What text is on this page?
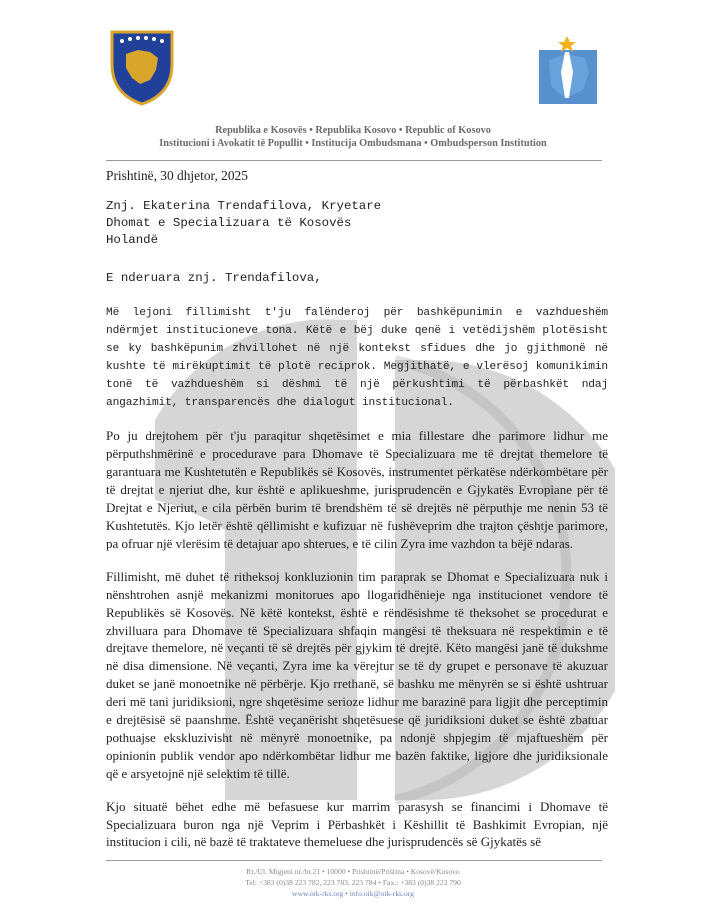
Republika e Kosovës • Republika Kosovo • Republic of Kosovo
Institucioni i Avokatit të Popullit • Institucija Ombudsmana • Ombudsperson Institution
Prishtinë, 30 dhjetor, 2025
Znj. Ekaterina Trendafilova, Kryetare
Dhomat e Specializuara të Kosovës
Holandë
E nderuara znj. Trendafilova,

Më lejoni fillimisht t'ju falënderoj për bashkëpunimin e vazhdueshëm ndërmjet institucioneve tona. Këtë e bëj duke qenë i vetëdijshëm plotësisht se ky bashkëpunim zhvillohet në një kontekst sfidues dhe jo gjithmonë në kushte të mirëkuptimit të plotë reciprok. Megjithatë, e vlerësoj komunikimin tonë të vazhdueshëm si dëshmi të një përkushtimi të përbashkët ndaj angazhimit, transparencës dhe dialogut institucional.

Po ju drejtohem për t'ju paraqitur shqetësimet e mia fillestare dhe parimore lidhur me përputhshmërinë e procedurave para Dhomave të Specializuara me të drejtat themelore të garantuara me Kushtetutën e Republikës së Kosovës, instrumentet përkatëse ndërkombëtare për të drejtat e njeriut dhe, kur është e aplikueshme, jurisprudencën e Gjykatës Evropiane për të Drejtat e Njeriut, e cila përbën burim të brendshëm të së drejtës në përputhje me nenin 53 të Kushtetutës. Kjo letër është qëllimisht e kufizuar në fushëveprim dhe trajton çështje parimore, pa ofruar një vlerësim të detajuar apo shterues, e të cilin Zyra ime vazhdon ta bëjë ndaras.

Fillimisht, më duhet të ritheksoj konkluzionin tim paraprak se Dhomat e Specializuara nuk i nënshtrohen asnjë mekanizmi monitorues apo llogaridhënieje nga institucionet vendore të Republikës së Kosovës. Në këtë kontekst, është e rëndësishme të theksohet se procedurat e zhvilluara para Dhomave të Specializuara shfaqin mangësi të theksuara në respektimin e të drejtave themelore, në veçanti të së drejtës për gjykim të drejtë. Këto mangësi janë të dukshme në disa dimensione. Në veçanti, Zyra ime ka vërejtur se të dy grupet e personave të akuzuar duket se janë monoetnike në përbërje. Kjo rrethanë, së bashku me mënyrën se si është ushtruar deri më tani juridiksioni, ngre shqetësime serioze lidhur me barazinë para ligjit dhe perceptimin e drejtësisë së paanshme. Është veçanërisht shqetësuese që juridiksioni duket se është zbatuar pothuajse ekskluzivisht në mënyrë monoetnike, pa ndonjë shpjegim të mjaftueshëm për opinionin publik vendor apo ndërkombëtar lidhur me bazën faktike, ligjore dhe juridiksionale që e arsyetojnë një selektim të tillë.

Kjo situatë bëhet edhe më befasuese kur marrim parasysh se financimi i Dhomave të Specializuara buron nga një Veprim i Përbashkët i Këshillit të Bashkimit Evropian, një institucion i cili, në bazë të traktateve themeluese dhe jurisprudencës së Gjykatës së

Rr./Ul. Migjeni nr./br.21 • 10000 • Prishtinë/Priština • Kosovë/Kosovo
Tel: +383 (0)38 223 782, 223 783, 223 784 • Fax.: +383 (0)38 223 790
www.oik-rks.org • info.oik@oik-rks.org
